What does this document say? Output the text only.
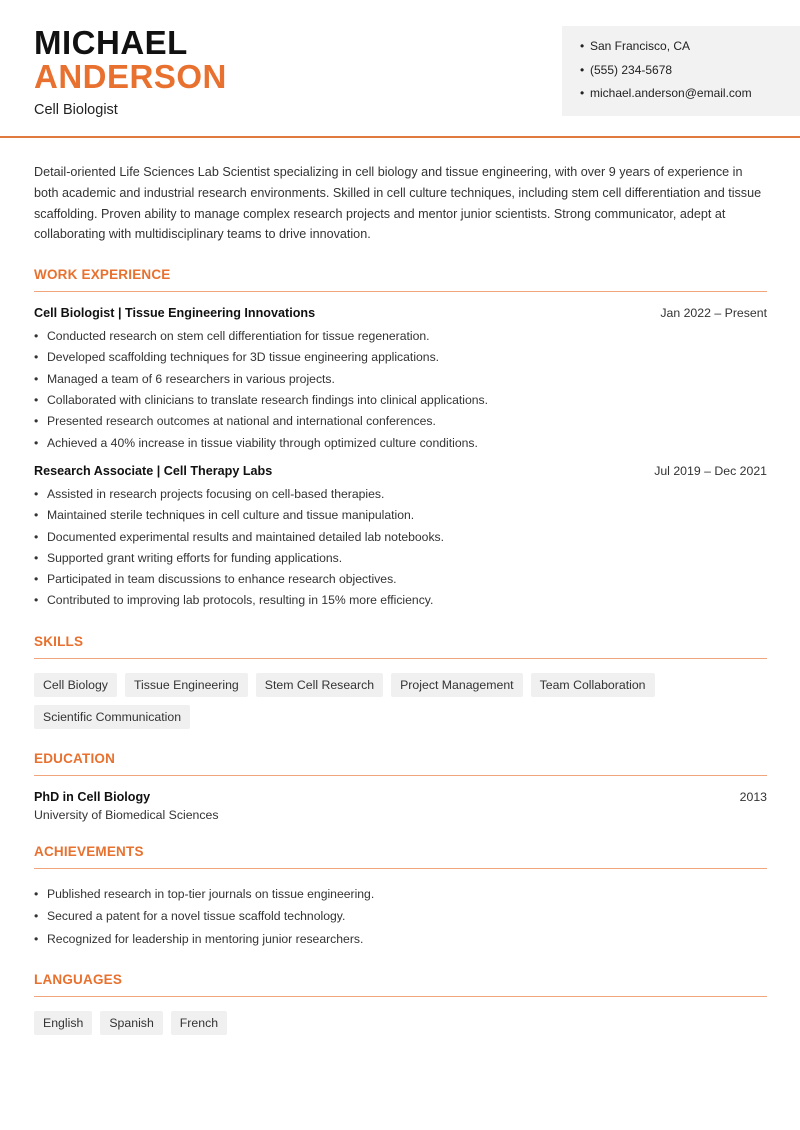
MICHAEL
ANDERSON
Cell Biologist
• San Francisco, CA
• (555) 234-5678
• michael.anderson@email.com

Detail-oriented Life Sciences Lab Scientist specializing in cell biology and tissue engineering, with over 9 years of experience in both academic and industrial research environments. Skilled in cell culture techniques, including stem cell differentiation and tissue scaffolding. Proven ability to manage complex research projects and mentor junior scientists. Strong communicator, adept at collaborating with multidisciplinary teams to drive innovation.

WORK EXPERIENCE
Cell Biologist | Tissue Engineering Innovations	Jan 2022 – Present
• Conducted research on stem cell differentiation for tissue regeneration.
• Developed scaffolding techniques for 3D tissue engineering applications.
• Managed a team of 6 researchers in various projects.
• Collaborated with clinicians to translate research findings into clinical applications.
• Presented research outcomes at national and international conferences.
• Achieved a 40% increase in tissue viability through optimized culture conditions.
Research Associate | Cell Therapy Labs	Jul 2019 – Dec 2021
• Assisted in research projects focusing on cell-based therapies.
• Maintained sterile techniques in cell culture and tissue manipulation.
• Documented experimental results and maintained detailed lab notebooks.
• Supported grant writing efforts for funding applications.
• Participated in team discussions to enhance research objectives.
• Contributed to improving lab protocols, resulting in 15% more efficiency.
SKILLS
Cell Biology	Tissue Engineering	Stem Cell Research	Project Management	Team Collaboration
Scientific Communication
EDUCATION
PhD in Cell Biology	2013
University of Biomedical Sciences
ACHIEVEMENTS
• Published research in top-tier journals on tissue engineering.
• Secured a patent for a novel tissue scaffold technology.
• Recognized for leadership in mentoring junior researchers.
LANGUAGES
English	Spanish	French
